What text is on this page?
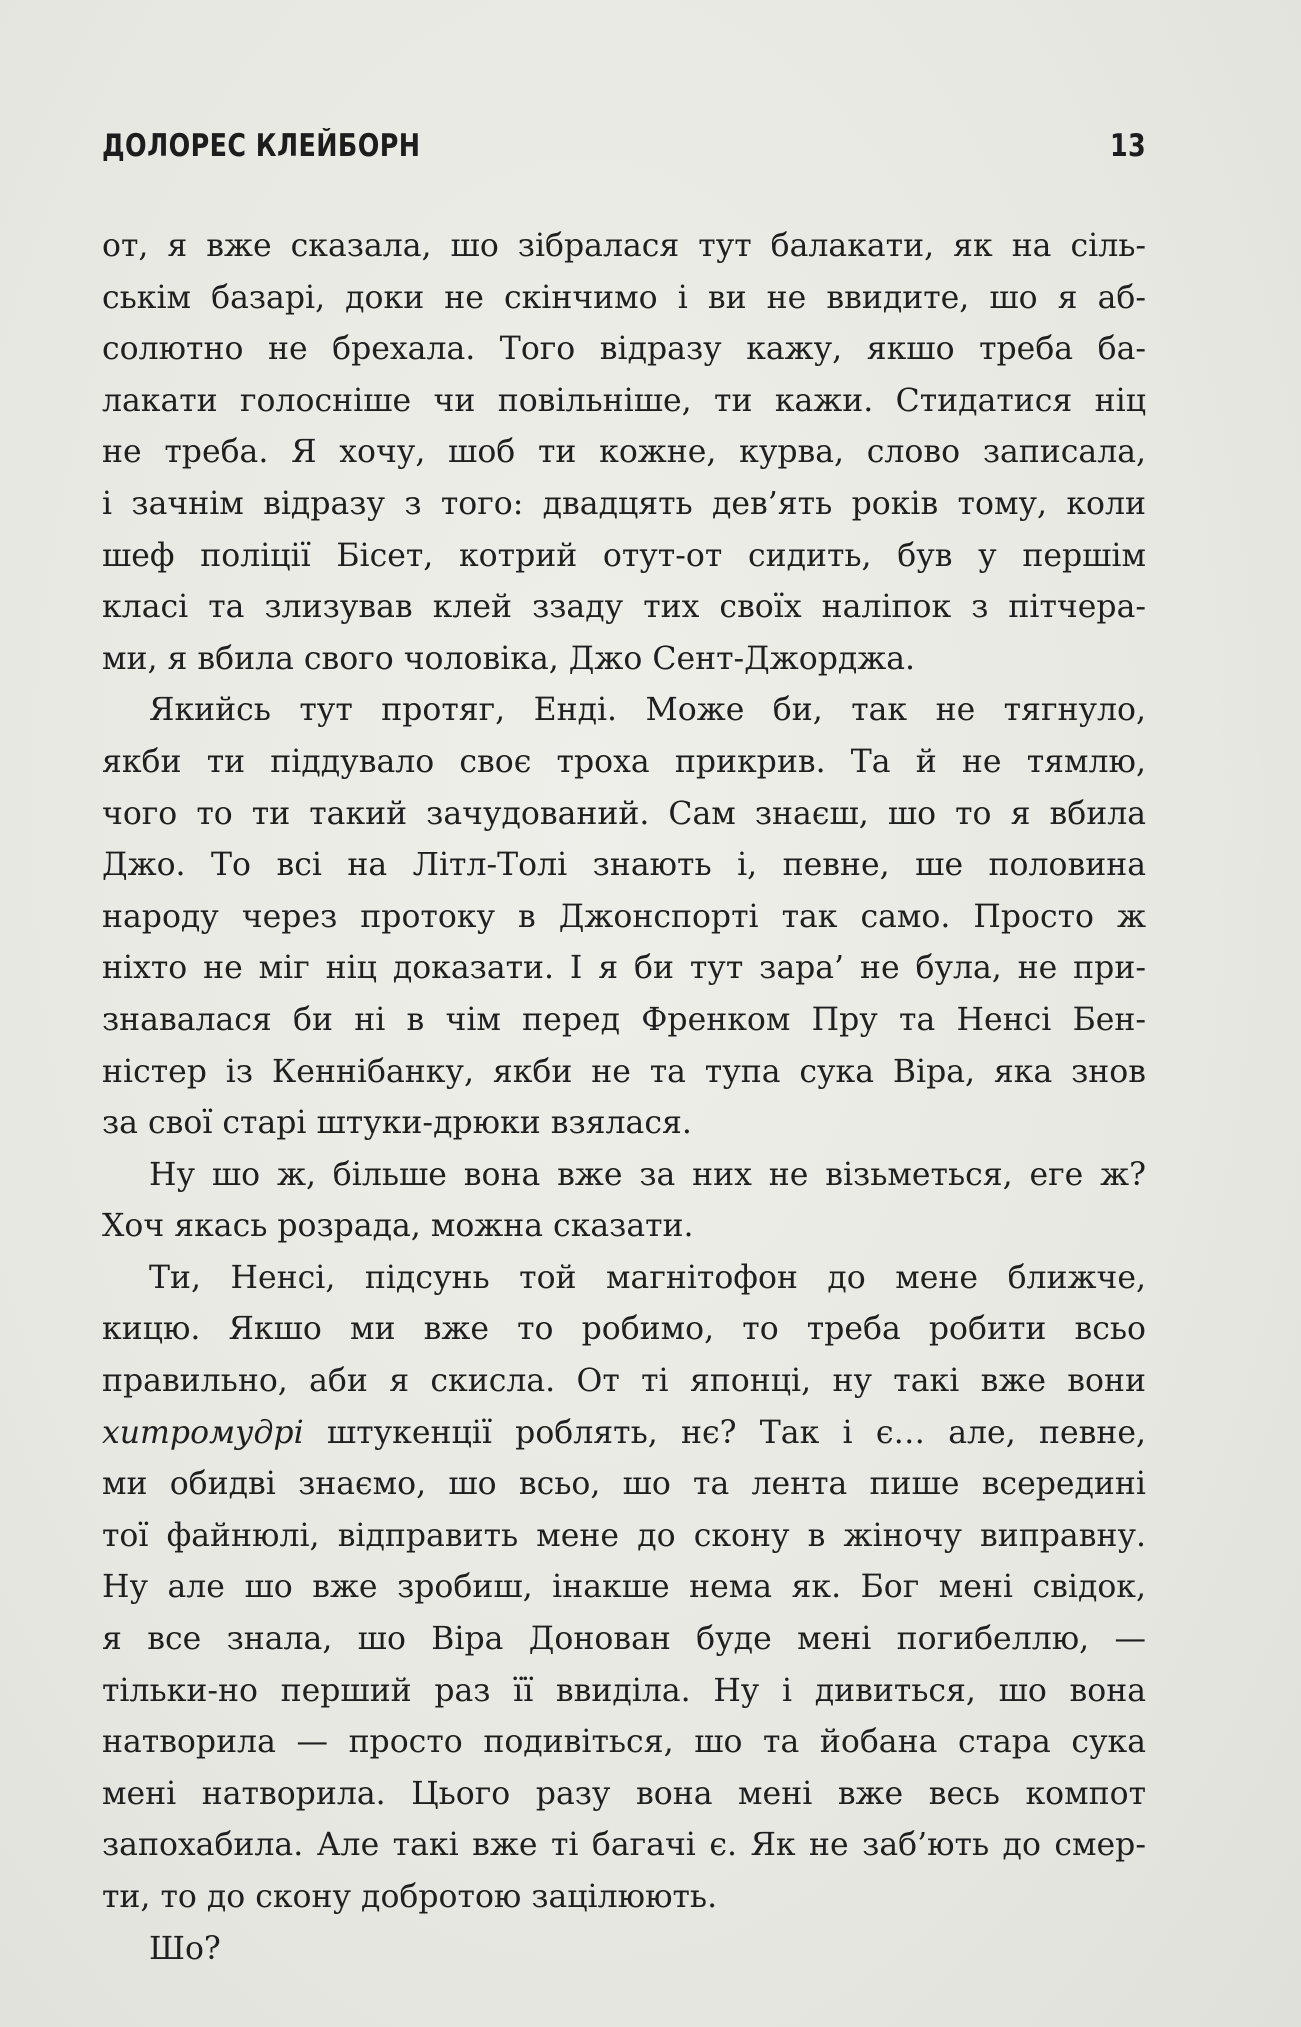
ДОЛОРЕС КЛЕЙБОРН	13
от, я вже сказала, шо зібралася тут балакати, як на сіль-
ськім базарі, доки не скінчимо і ви не ввидите, шо я аб-
солютно не брехала. Того відразу кажу, якшо треба ба-
лакати голосніше чи повільніше, ти кажи. Стидатися ніц
не треба. Я хочу, шоб ти кожне, курва, слово записала,
і зачнім відразу з того: двадцять дев’ять років тому, коли
шеф поліції Бісет, котрий отут-от сидить, був у першім
класі та злизував клей ззаду тих своїх наліпок з пітчера-
ми, я вбила свого чоловіка, Джо Сент-Джорджа.
Якийсь тут протяг, Енді. Може би, так не тягнуло,
якби ти піддувало своє троха прикрив. Та й не тямлю,
чого то ти такий зачудований. Сам знаєш, шо то я вбила
Джо. То всі на Літл-Толі знають і, певне, ше половина
народу через протоку в Джонспорті так само. Просто ж
ніхто не міг ніц доказати. І я би тут зара’ не була, не при-
знавалася би ні в чім перед Френком Пру та Ненсі Бен-
ністер із Кеннібанку, якби не та тупа сука Віра, яка знов
за свої старі штуки-дрюки взялася.
Ну шо ж, більше вона вже за них не візьметься, еге ж?
Хоч якась розрада, можна сказати.
Ти, Ненсі, підсунь той магнітофон до мене ближче,
кицю. Якшо ми вже то робимо, то треба робити всьо
правильно, аби я скисла. От ті японці, ну такі вже вони
хитромудрі штукенції роблять, нє? Так і є… але, певне,
ми обидві знаємо, шо всьо, шо та лента пише всередині
тої файнюлі, відправить мене до скону в жіночу виправну.
Ну але шо вже зробиш, інакше нема як. Бог мені свідок,
я все знала, шо Віра Донован буде мені погибеллю, —
тільки-но перший раз її ввиділа. Ну і дивиться, шо вона
натворила — просто подивіться, шо та йобана стара сука
мені натворила. Цього разу вона мені вже весь компот
запохабила. Але такі вже ті багачі є. Як не заб’ють до смер-
ти, то до скону добротою зацілюють.
Шо?
